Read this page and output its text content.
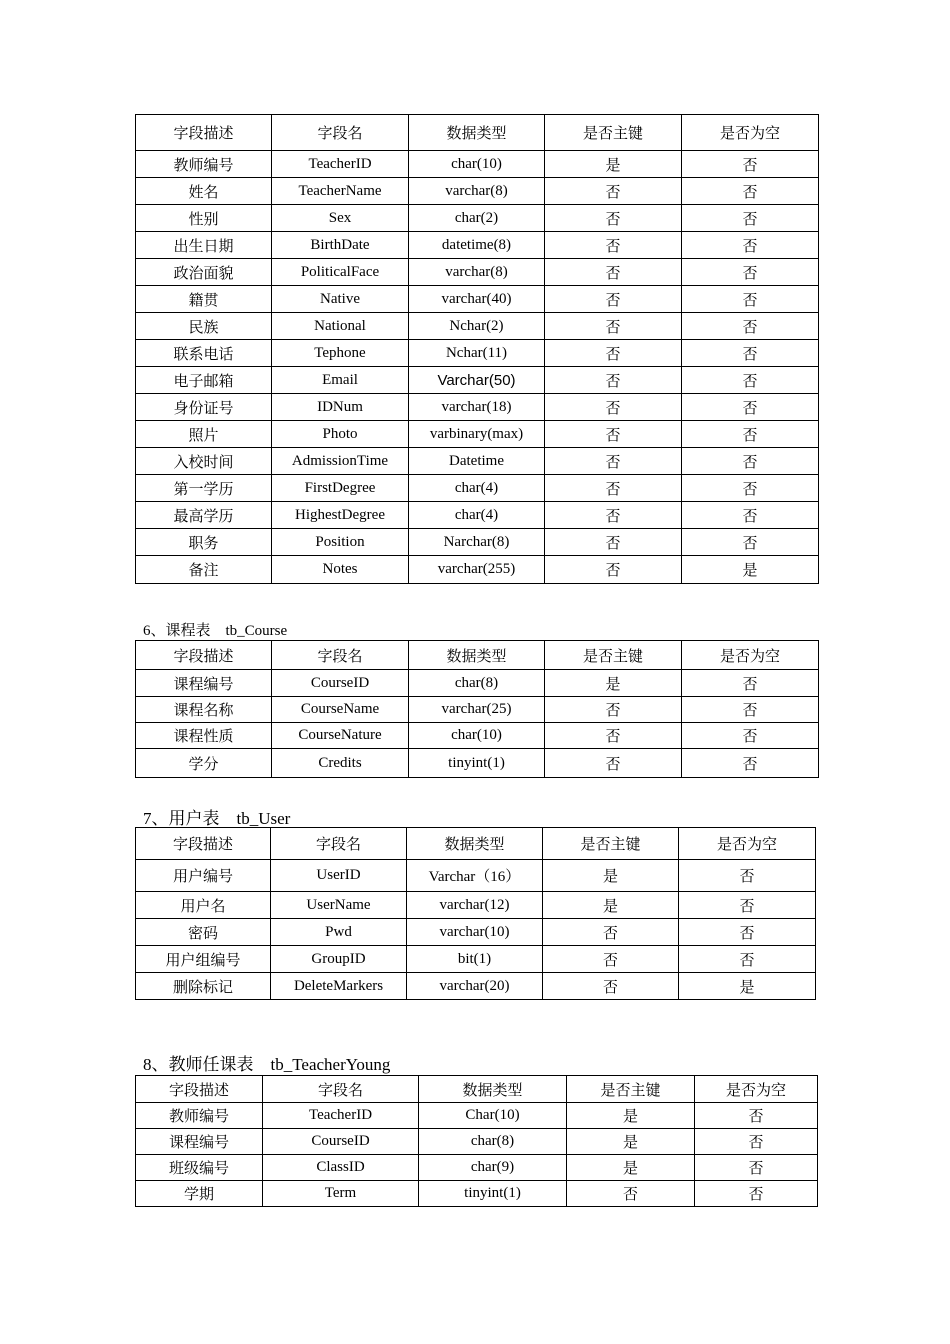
字段描述	字段名	数据类型	是否主键	是否为空
教师编号	TeacherID	char(10)	是	否
姓名	TeacherName	varchar(8)	否	否
性别	Sex	char(2)	否	否
出生日期	BirthDate	datetime(8)	否	否
政治面貌	PoliticalFace	varchar(8)	否	否
籍贯	Native	varchar(40)	否	否
民族	National	Nchar(2)	否	否
联系电话	Tephone	Nchar(11)	否	否
电子邮箱	Email	Varchar(50)	否	否
身份证号	IDNum	varchar(18)	否	否
照片	Photo	varbinary(max)	否	否
入校时间	AdmissionTime	Datetime	否	否
第一学历	FirstDegree	char(4)	否	否
最高学历	HighestDegree	char(4)	否	否
职务	Position	Narchar(8)	否	否
备注	Notes	varchar(255)	否	是
6、课程表　tb_Course
字段描述	字段名	数据类型	是否主键	是否为空
课程编号	CourseID	char(8)	是	否
课程名称	CourseName	varchar(25)	否	否
课程性质	CourseNature	char(10)	否	否
学分	Credits	tinyint(1)	否	否
7、用户表　tb_User
字段描述	字段名	数据类型	是否主键	是否为空
用户编号	UserID	Varchar（16）	是	否
用户名	UserName	varchar(12)	是	否
密码	Pwd	varchar(10)	否	否
用户组编号	GroupID	bit(1)	否	否
删除标记	DeleteMarkers	varchar(20)	否	是
8、教师任课表　tb_TeacherYoung
字段描述	字段名	数据类型	是否主键	是否为空
教师编号	TeacherID	Char(10)	是	否
课程编号	CourseID	char(8)	是	否
班级编号	ClassID	char(9)	是	否
学期	Term	tinyint(1)	否	否
